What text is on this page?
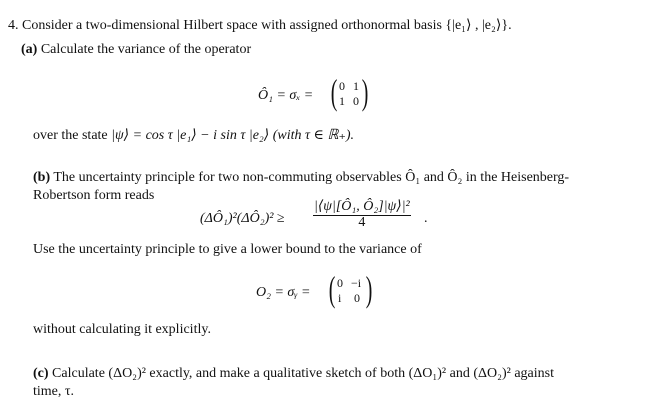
4. Consider a two-dimensional Hilbert space with assigned orthonormal basis {|e₁⟩ , |e₂⟩}.
(a) Calculate the variance of the operator
Ô₁ = σₓ = ( 0 1
1 0 )
over the state |ψ⟩ = cos τ |e₁⟩ − i sin τ |e₂⟩ (with τ ∈ ℝ₊).
(b) The uncertainty principle for two non-commuting observables Ô₁ and Ô₂ in the Heisenberg-
Robertson form reads
(ΔÔ₁)²(ΔÔ₂)² ≥ $\frac{\text{|⟨ψ|[Ô₁, Ô₂]|ψ⟩|²}}{4}$ .
Use the uncertainty principle to give a lower bound to the variance of
O₂ = σᵧ = ( 0 −i
i 0 )
without calculating it explicitly.
(c) Calculate (ΔO₂)² exactly, and make a qualitative sketch of both (ΔO₁)² and (ΔO₂)² against
time, τ.
